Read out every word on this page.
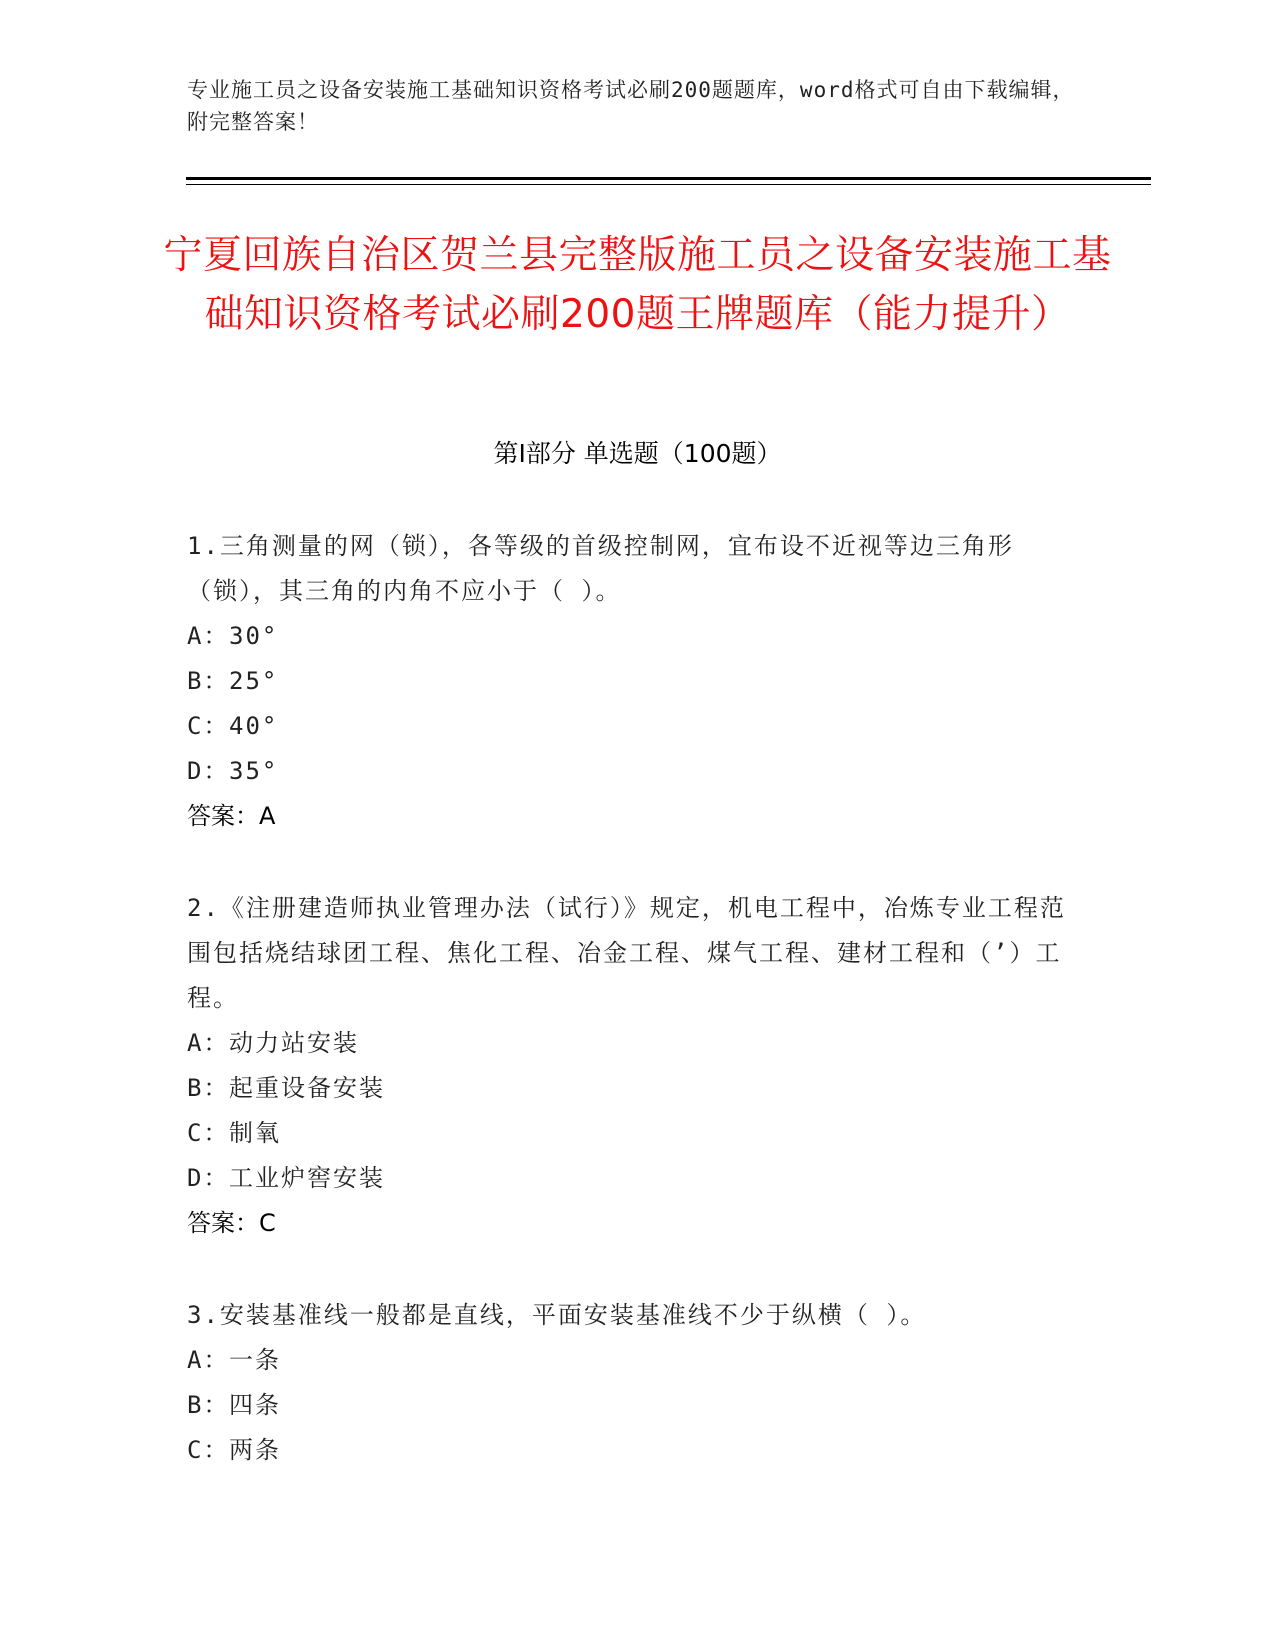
专业施工员之设备安装施工基础知识资格考试必刷200题题库，word格式可自由下载编辑，附完整答案！
宁夏回族自治区贺兰县完整版施工员之设备安装施工基础知识资格考试必刷200题王牌题库（能力提升）
第Ⅰ部分 单选题（100题）

1.三角测量的网（锁），各等级的首级控制网，宜布设不近视等边三角形（锁），其三角的内角不应小于（ ）。

A：30°

B：25°

C：40°

D：35°

答案：A

2.《注册建造师执业管理办法（试行）》规定，机电工程中，冶炼专业工程范围包括烧结球团工程、焦化工程、冶金工程、煤气工程、建材工程和（’）工程。

A：动力站安装

B：起重设备安装

C：制氧

D：工业炉窖安装

答案：C

3.安装基准线一般都是直线，平面安装基准线不少于纵横（ ）。

A：一条

B：四条

C：两条
